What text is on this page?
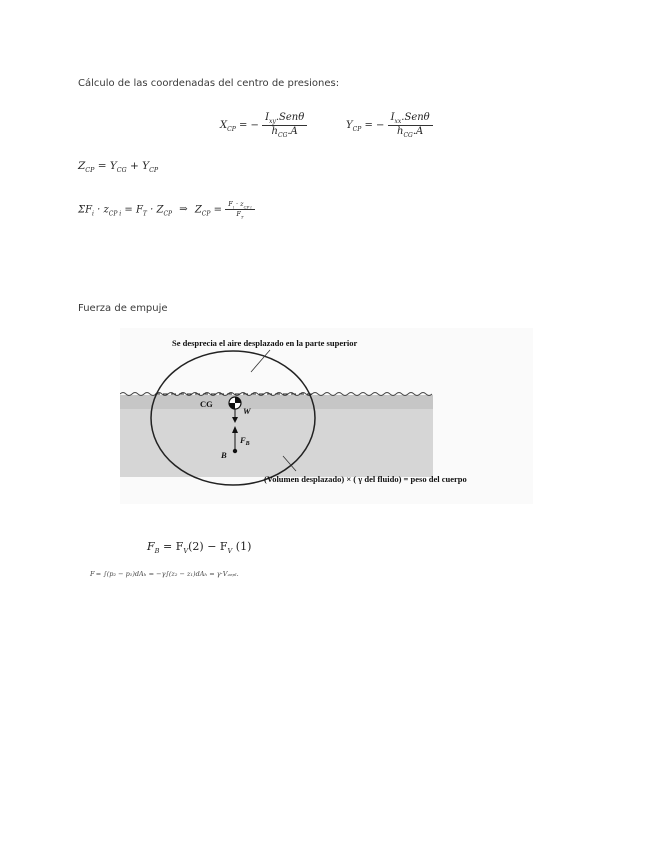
Cálculo de las coordenadas del centro de presiones:
$X_{CP}$ = − $\frac{I_{xy}.Sen\theta}{h_{CG}.A}$	$Y_{CP}$ = − $\frac{I_{xx}.Sen\theta}{h_{CG}.A}$
$Z_{CP} = Y_{CG} + Y_{CP}$
$\Sigma F_i \cdot z_{CP i} = F_T \cdot Z_{CP}$ ⇒ $Z_{CP} = \frac{F_i \cdot z_{CP i}}{F_T}$
Fuerza de empuje
Se desprecia el aire desplazado en la parte superior
CG
W
$F_B$
B
(Volumen desplazado) × ( γ del fluido) = peso del cuerpo
$F_B = F_V(2) - F_V$ (1)
F = ∫(p₂ − p₁)dAₕ = −γ∫(z₂ − z₁)dAₕ = γ·Vₔₑₚₗ.
